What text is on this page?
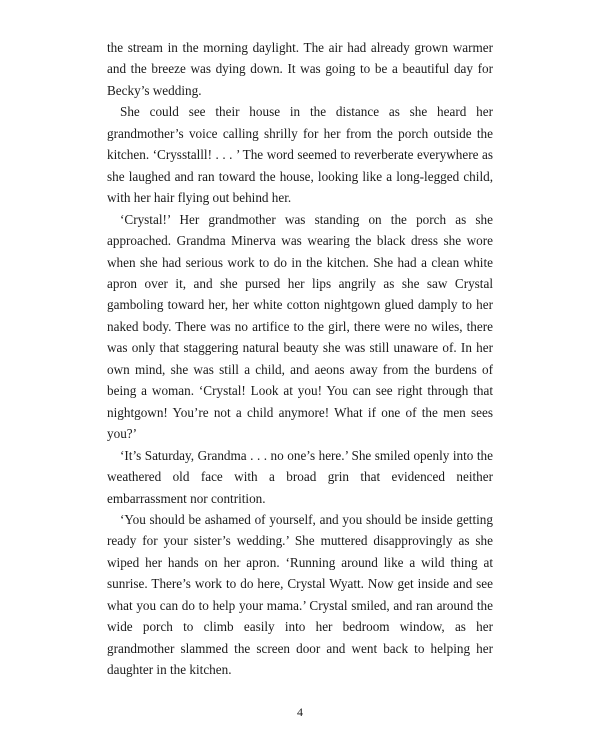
the stream in the morning daylight. The air had already grown warmer and the breeze was dying down. It was going to be a beautiful day for Becky’s wedding.

She could see their house in the distance as she heard her grandmother’s voice calling shrilly for her from the porch outside the kitchen. ‘Crysstalll! . . . ’ The word seemed to reverberate everywhere as she laughed and ran toward the house, looking like a long-legged child, with her hair flying out behind her.

‘Crystal!’ Her grandmother was standing on the porch as she approached. Grandma Minerva was wearing the black dress she wore when she had serious work to do in the kitchen. She had a clean white apron over it, and she pursed her lips angrily as she saw Crystal gamboling toward her, her white cotton nightgown glued damply to her naked body. There was no artifice to the girl, there were no wiles, there was only that staggering natural beauty she was still unaware of. In her own mind, she was still a child, and aeons away from the burdens of being a woman. ‘Crystal! Look at you! You can see right through that nightgown! You’re not a child anymore! What if one of the men sees you?’

‘It’s Saturday, Grandma . . . no one’s here.’ She smiled openly into the weathered old face with a broad grin that evidenced neither embarrassment nor contrition.

‘You should be ashamed of yourself, and you should be inside getting ready for your sister’s wedding.’ She muttered disapprovingly as she wiped her hands on her apron. ‘Running around like a wild thing at sunrise. There’s work to do here, Crystal Wyatt. Now get inside and see what you can do to help your mama.’ Crystal smiled, and ran around the wide porch to climb easily into her bedroom window, as her grandmother slammed the screen door and went back to helping her daughter in the kitchen.

4
